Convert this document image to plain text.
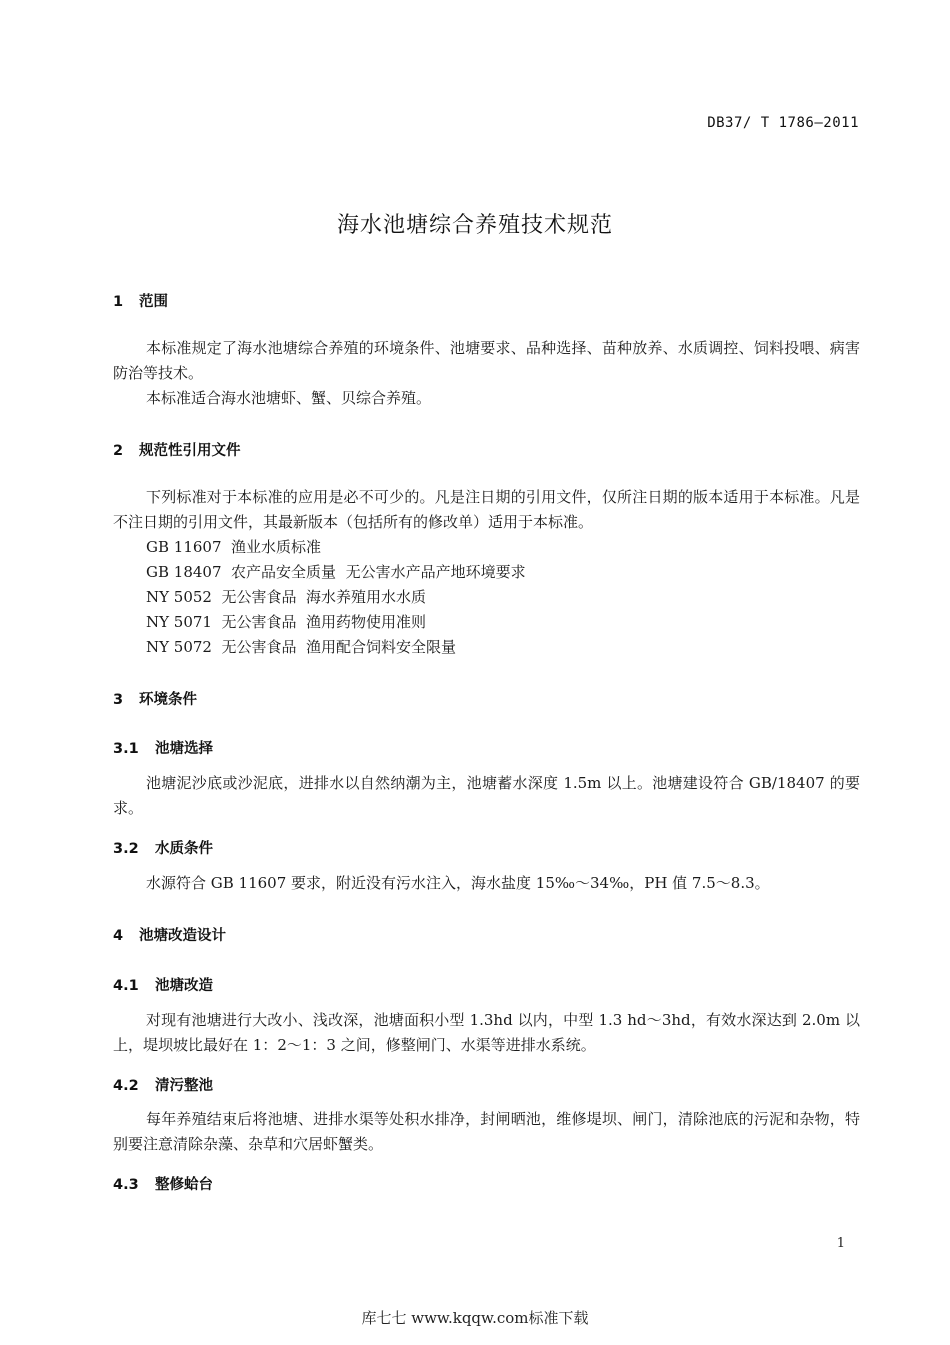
DB37/ T 1786—2011
海水池塘综合养殖技术规范
1 范围
本标准规定了海水池塘综合养殖的环境条件、池塘要求、品种选择、苗种放养、水质调控、饲料投喂、病害防治等技术。
本标准适合海水池塘虾、蟹、贝综合养殖。
2 规范性引用文件
下列标准对于本标准的应用是必不可少的。凡是注日期的引用文件，仅所注日期的版本适用于本标准。凡是不注日期的引用文件，其最新版本（包括所有的修改单）适用于本标准。
GB 11607  渔业水质标准
GB 18407  农产品安全质量  无公害水产品产地环境要求
NY 5052  无公害食品  海水养殖用水水质
NY 5071  无公害食品  渔用药物使用准则
NY 5072  无公害食品  渔用配合饲料安全限量
3 环境条件
3.1 池塘选择
池塘泥沙底或沙泥底，进排水以自然纳潮为主，池塘蓄水深度 1.5m 以上。池塘建设符合 GB/18407 的要求。
3.2 水质条件
水源符合 GB 11607 要求，附近没有污水注入，海水盐度 15‰～34‰，PH 值 7.5～8.3。
4 池塘改造设计
4.1 池塘改造
对现有池塘进行大改小、浅改深，池塘面积小型 1.3hd 以内，中型 1.3 hd～3hd，有效水深达到 2.0m 以上，堤坝坡比最好在 1：2～1：3 之间，修整闸门、水渠等进排水系统。
4.2 清污整池
每年养殖结束后将池塘、进排水渠等处积水排净，封闸晒池，维修堤坝、闸门，清除池底的污泥和杂物，特别要注意清除杂藻、杂草和穴居虾蟹类。
4.3 整修蛤台
1
库七七 www.kqqw.com标准下载
